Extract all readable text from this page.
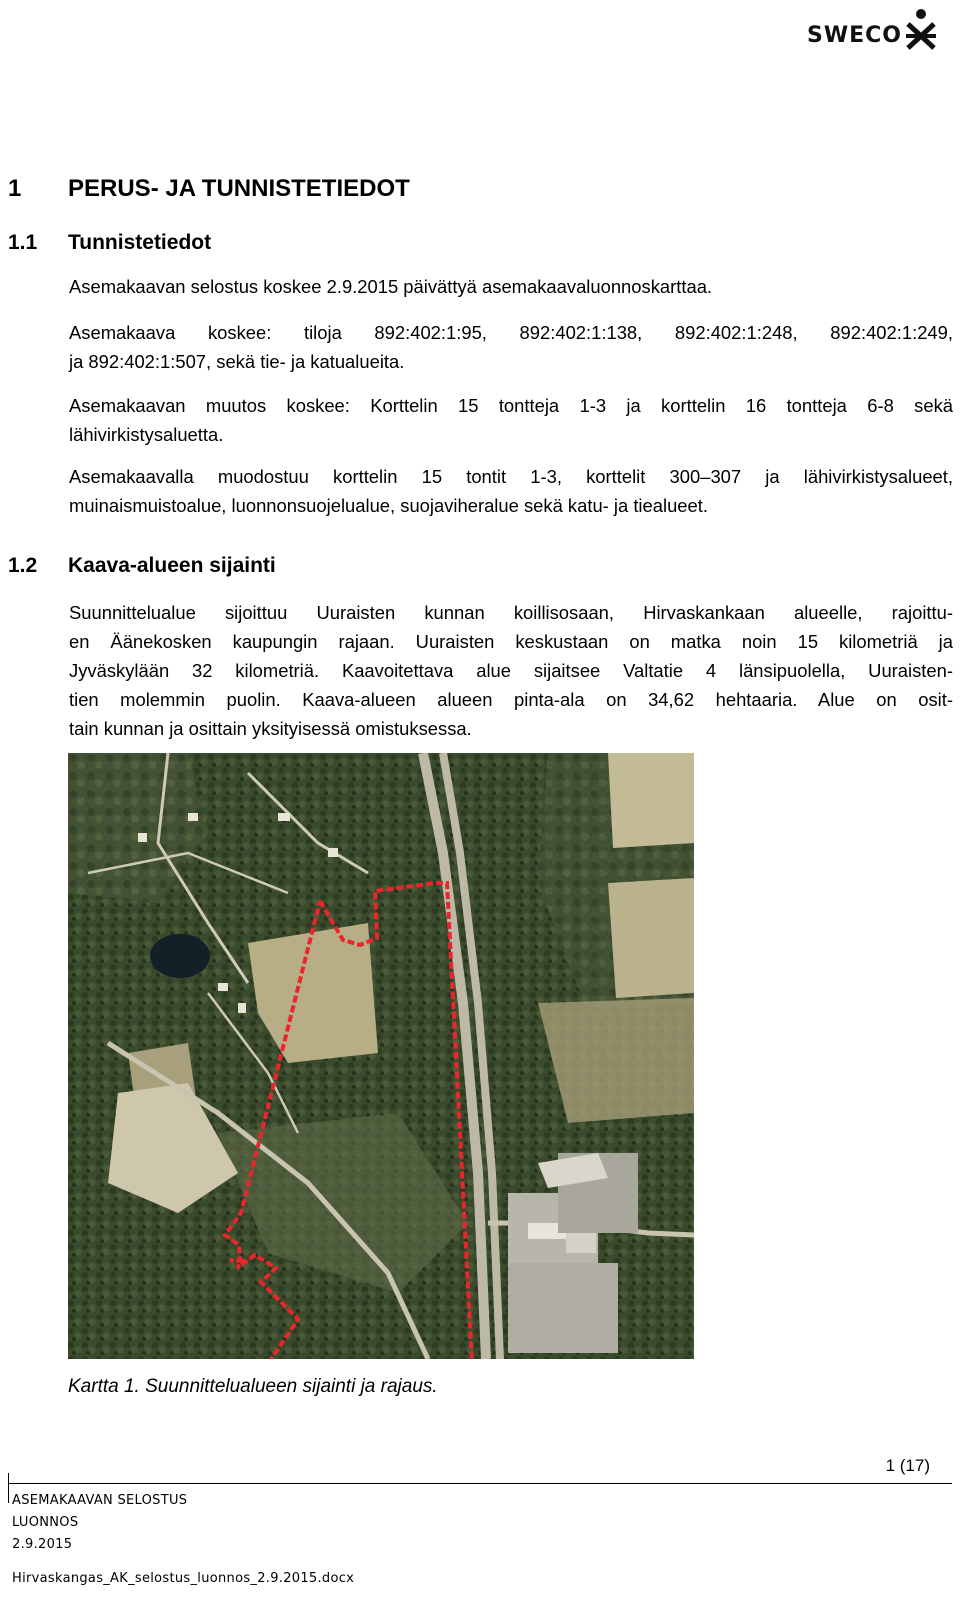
SWECO
1 PERUS- JA TUNNISTETIEDOT
1.1 Tunnistetiedot
Asemakaavan selostus koskee 2.9.2015 päivättyä asemakaavaluonnoskarttaa.
Asemakaava koskee: tiloja 892:402:1:95, 892:402:1:138, 892:402:1:248, 892:402:1:249,
ja 892:402:1:507, sekä tie- ja katualueita.
Asemakaavan muutos koskee: Korttelin 15 tontteja 1-3 ja korttelin 16 tontteja 6-8 sekä
lähivirkistysaluetta.
Asemakaavalla muodostuu korttelin 15 tontit 1-3, korttelit 300–307 ja lähivirkistysalueet,
muinaismuistoalue, luonnonsuojelualue, suojaviheralue sekä katu- ja tiealueet.
1.2 Kaava-alueen sijainti
Suunnittelualue sijoittuu Uuraisten kunnan koillisosaan, Hirvaskankaan alueelle, rajoittu-
en Äänekosken kaupungin rajaan. Uuraisten keskustaan on matka noin 15 kilometriä ja
Jyväskylään 32 kilometriä. Kaavoitettava alue sijaitsee Valtatie 4 länsipuolella, Uuraisten-
tien molemmin puolin. Kaava-alueen alueen pinta-ala on 34,62 hehtaaria. Alue on osit-
tain kunnan ja osittain yksityisessä omistuksessa.
Kartta 1. Suunnittelualueen sijainti ja rajaus.
1 (17)
ASEMAKAAVAN SELOSTUS
LUONNOS
2.9.2015
Hirvaskangas_AK_selostus_luonnos_2.9.2015.docx
